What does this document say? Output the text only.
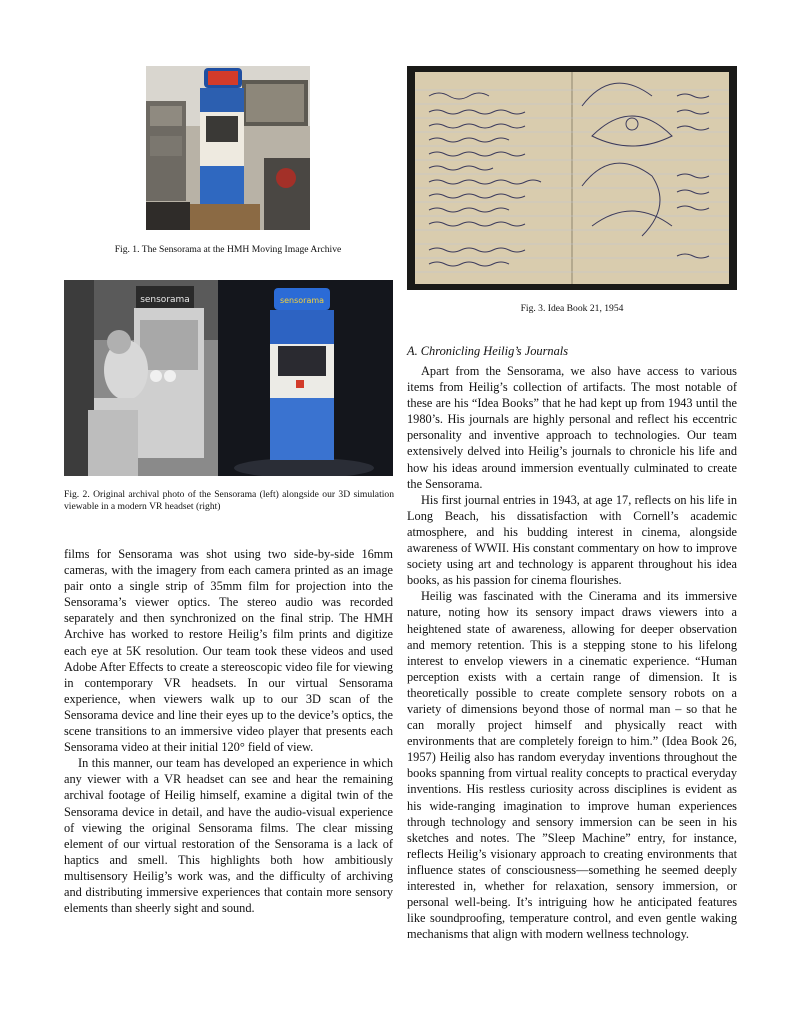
Fig. 1. The Sensorama at the HMH Moving Image Archive
sensorama	sensorama
Fig. 2. Original archival photo of the Sensorama (left) alongside our 3D simulation viewable in a modern VR headset (right)
Fig. 3. Idea Book 21, 1954

films for Sensorama was shot using two side-by-side 16mm cameras, with the imagery from each camera printed as an image pair onto a single strip of 35mm film for projection into the Sensorama’s viewer optics. The stereo audio was recorded separately and then synchronized on the final strip. The HMH Archive has worked to restore Heilig’s film prints and digitize each eye at 5K resolution. Our team took these videos and used Adobe After Effects to create a stereoscopic video file for viewing in contemporary VR headsets. In our virtual Sensorama experience, when viewers walk up to our 3D scan of the Sensorama device and line their eyes up to the device’s optics, the scene transitions to an immersive video player that presents each Sensorama video at their initial 120° field of view.

In this manner, our team has developed an experience in which any viewer with a VR headset can see and hear the remaining archival footage of Heilig himself, examine a digital twin of the Sensorama device in detail, and have the audio-visual experience of viewing the original Sensorama films. The clear missing element of our virtual restoration of the Sensorama is a lack of haptics and smell. This highlights both how ambitiously multisensory Heilig’s work was, and the difficulty of archiving and distributing immersive experiences that contain more sensory elements than sheerly sight and sound.

A. Chronicling Heilig’s Journals

Apart from the Sensorama, we also have access to various items from Heilig’s collection of artifacts. The most notable of these are his “Idea Books” that he had kept up from 1943 until the 1980’s. His journals are highly personal and reflect his eccentric personality and inventive approach to technologies. Our team extensively delved into Heilig’s journals to chronicle his life and how his ideas around immersion eventually culminated to create the Sensorama.

His first journal entries in 1943, at age 17, reflects on his life in Long Beach, his dissatisfaction with Cornell’s academic atmosphere, and his budding interest in cinema, alongside awareness of WWII. His constant commentary on how to improve society using art and technology is apparent throughout his idea books, as his passion for cinema flourishes.

Heilig was fascinated with the Cinerama and its immersive nature, noting how its sensory impact draws viewers into a heightened state of awareness, allowing for deeper observation and memory retention. This is a stepping stone to his lifelong interest to envelop viewers in a cinematic experience. “Human perception exists with a certain range of dimension. It is theoretically possible to create complete sensory robots on a variety of dimensions beyond those of normal man – so that he can morally project himself and physically react with environments that are completely foreign to him.” (Idea Book 26, 1957) Heilig also has random everyday inventions throughout the books spanning from virtual reality concepts to practical everyday inventions. His restless curiosity across disciplines is evident as his wide-ranging imagination to improve human experiences through technology and sensory immersion can be seen in his sketches and notes. The ”Sleep Machine” entry, for instance, reflects Heilig’s visionary approach to creating environments that influence states of consciousness—something he seemed deeply interested in, whether for relaxation, sensory immersion, or personal well-being. It’s intriguing how he anticipated features like soundproofing, temperature control, and even gentle waking mechanisms that align with modern wellness technology.
